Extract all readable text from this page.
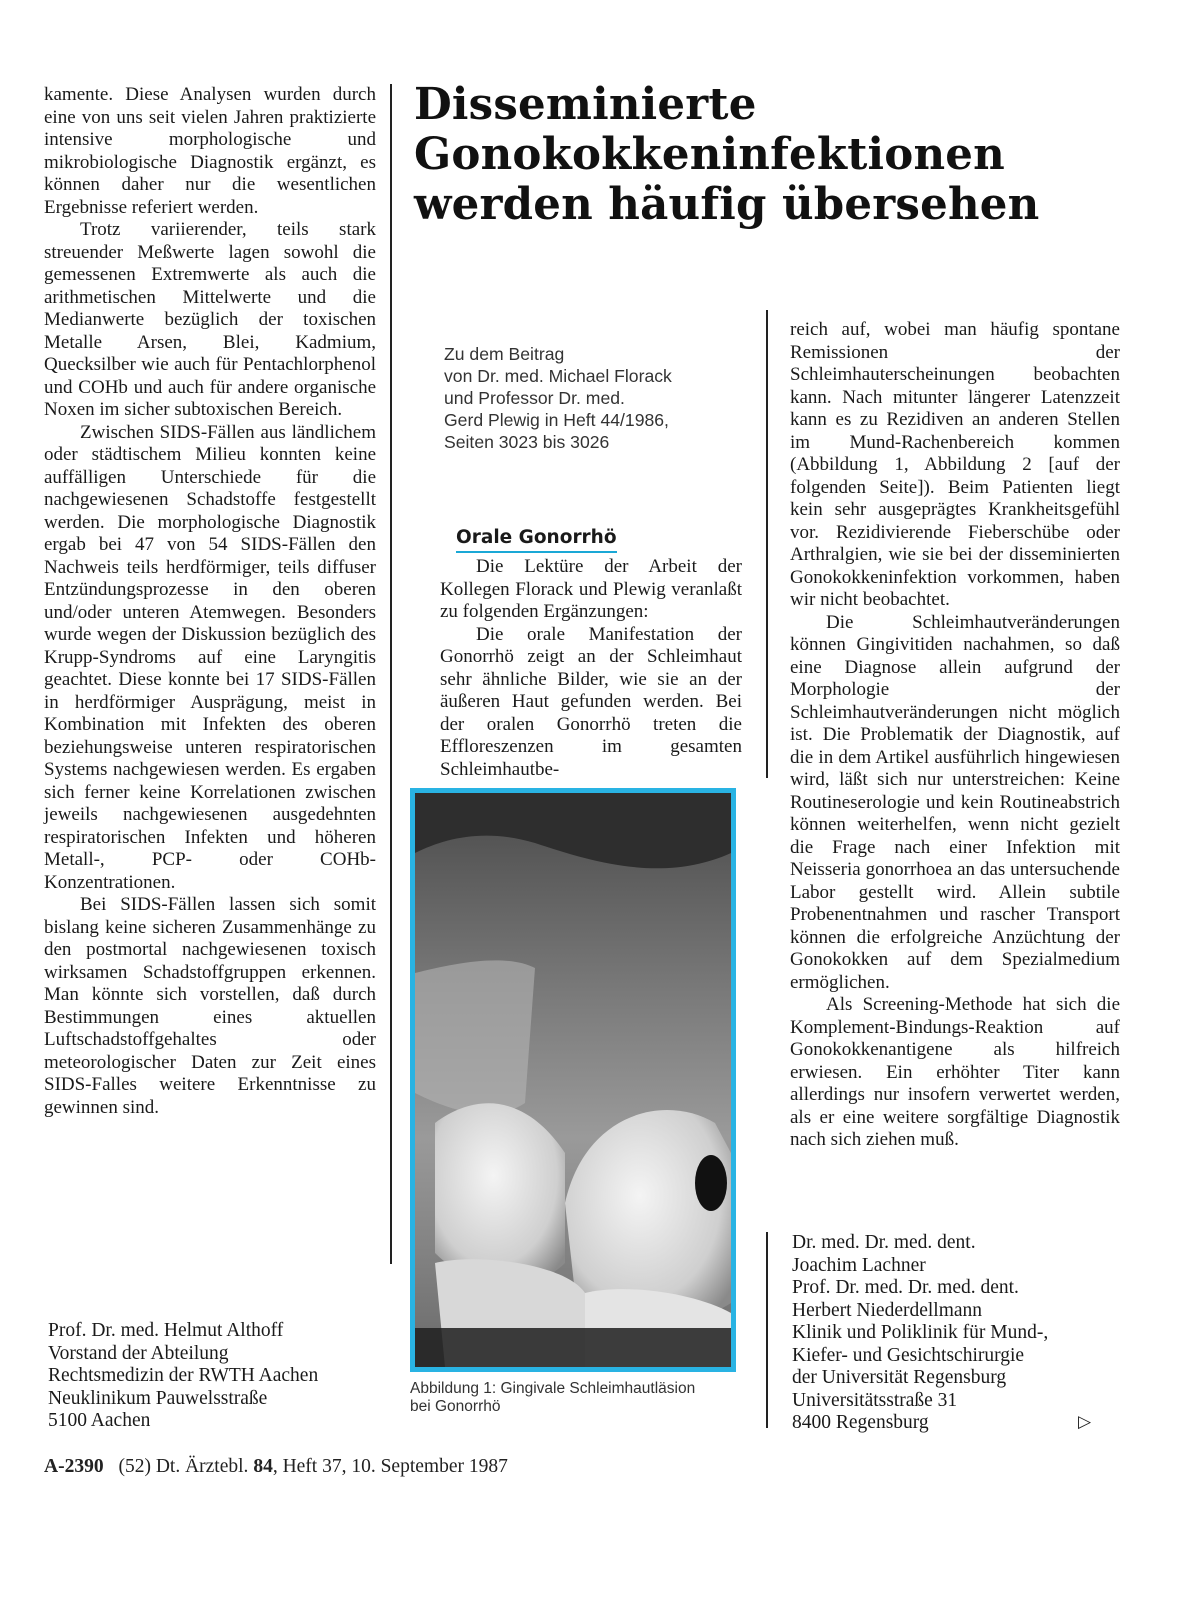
kamente. Diese Analysen wurden durch eine von uns seit vielen Jahren praktizierte intensive morphologische und mikrobiologische Diagnostik ergänzt, es können daher nur die wesentlichen Ergebnisse referiert werden.

Trotz variierender, teils stark streuender Meßwerte lagen sowohl die gemessenen Extremwerte als auch die arithmetischen Mittelwerte und die Medianwerte bezüglich der toxischen Metalle Arsen, Blei, Kadmium, Quecksilber wie auch für Pentachlorphenol und COHb und auch für andere organische Noxen im sicher subtoxischen Bereich.

Zwischen SIDS-Fällen aus ländlichem oder städtischem Milieu konnten keine auffälligen Unterschiede für die nachgewiesenen Schadstoffe festgestellt werden. Die morphologische Diagnostik ergab bei 47 von 54 SIDS-Fällen den Nachweis teils herdförmiger, teils diffuser Entzündungsprozesse in den oberen und/oder unteren Atemwegen. Besonders wurde wegen der Diskussion bezüglich des Krupp-Syndroms auf eine Laryngitis geachtet. Diese konnte bei 17 SIDS-Fällen in herdförmiger Ausprägung, meist in Kombination mit Infekten des oberen beziehungsweise unteren respiratorischen Systems nachgewiesen werden. Es ergaben sich ferner keine Korrelationen zwischen jeweils nachgewiesenen ausgedehnten respiratorischen Infekten und höheren Metall-, PCP- oder COHb-Konzentrationen.

Bei SIDS-Fällen lassen sich somit bislang keine sicheren Zusammenhänge zu den postmortal nachgewiesenen toxisch wirksamen Schadstoffgruppen erkennen. Man könnte sich vorstellen, daß durch Bestimmungen eines aktuellen Luftschadstoffgehaltes oder meteorologischer Daten zur Zeit eines SIDS-Falles weitere Erkenntnisse zu gewinnen sind.

Disseminierte
Gonokokkeninfektionen
werden häufig übersehen
Zu dem Beitrag
von Dr. med. Michael Florack
und Professor Dr. med.
Gerd Plewig in Heft 44/1986,
Seiten 3023 bis 3026
Orale Gonorrhö

Die Lektüre der Arbeit der Kollegen Florack und Plewig veranlaßt zu folgenden Ergänzungen:

Die orale Manifestation der Gonorrhö zeigt an der Schleimhaut sehr ähnliche Bilder, wie sie an der äußeren Haut gefunden werden. Bei der oralen Gonorrhö treten die Effloreszenzen im gesamten Schleimhautbe-

Abbildung 1: Gingivale Schleimhautläsion
bei Gonorrhö

reich auf, wobei man häufig spontane Remissionen der Schleimhauterscheinungen beobachten kann. Nach mitunter längerer Latenzzeit kann es zu Rezidiven an anderen Stellen im Mund-Rachenbereich kommen (Abbildung 1, Abbildung 2 [auf der folgenden Seite]). Beim Patienten liegt kein sehr ausgeprägtes Krankheitsgefühl vor. Rezidivierende Fieberschübe oder Arthralgien, wie sie bei der disseminierten Gonokokkeninfektion vorkommen, haben wir nicht beobachtet.

Die Schleimhautveränderungen können Gingivitiden nachahmen, so daß eine Diagnose allein aufgrund der Morphologie der Schleimhautveränderungen nicht möglich ist. Die Problematik der Diagnostik, auf die in dem Artikel ausführlich hingewiesen wird, läßt sich nur unterstreichen: Keine Routineserologie und kein Routineabstrich können weiterhelfen, wenn nicht gezielt die Frage nach einer Infektion mit Neisseria gonorrhoea an das untersuchende Labor gestellt wird. Allein subtile Probenentnahmen und rascher Transport können die erfolgreiche Anzüchtung der Gonokokken auf dem Spezialmedium ermöglichen.

Als Screening-Methode hat sich die Komplement-Bindungs-Reaktion auf Gonokokkenantigene als hilfreich erwiesen. Ein erhöhter Titer kann allerdings nur insofern verwertet werden, als er eine weitere sorgfältige Diagnostik nach sich ziehen muß.

Prof. Dr. med. Helmut Althoff
Vorstand der Abteilung
Rechtsmedizin der RWTH Aachen
Neuklinikum Pauwelsstraße
5100 Aachen
Dr. med. Dr. med. dent.
Joachim Lachner
Prof. Dr. med. Dr. med. dent.
Herbert Niederdellmann
Klinik und Poliklinik für Mund-,
Kiefer- und Gesichtschirurgie
der Universität Regensburg
Universitätsstraße 31
8400 Regensburg	▷
A-2390 (52) Dt. Ärztebl. 84, Heft 37, 10. September 1987
